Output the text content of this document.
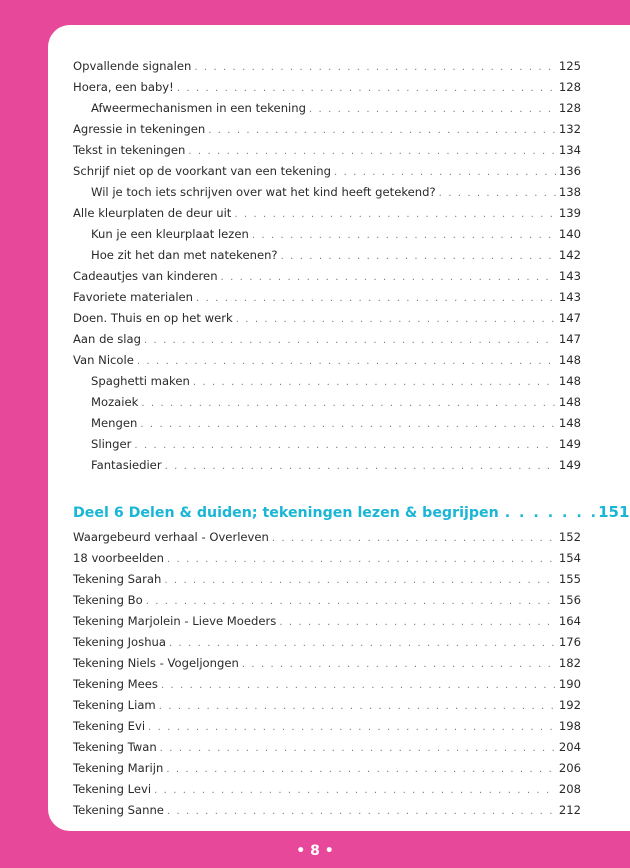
Opvallende signalen . . .	125
Hoera, een baby! . . .	128
Afweermechanismen in een tekening . . .	128
Agressie in tekeningen . . .	132
Tekst in tekeningen . . .	134
Schrijf niet op de voorkant van een tekening . . .	136
Wil je toch iets schrijven over wat het kind heeft getekend? . . .	138
Alle kleurplaten de deur uit . . .	139
Kun je een kleurplaat lezen . . .	140
Hoe zit het dan met natekenen? . . .	142
Cadeautjes van kinderen . . .	143
Favoriete materialen . . .	143
Doen. Thuis en op het werk . . .	147
Aan de slag . . .	147
Van Nicole . . .	148
Spaghetti maken . . .	148
Mozaiek . . .	148
Mengen . . .	148
Slinger . . .	149
Fantasiedier . . .	149
Deel 6 Delen & duiden; tekeningen lezen & begrijpen . . . . . . . 151
Waargebeurd verhaal - Overleven . . .	152
18 voorbeelden . . .	154
Tekening Sarah . . .	155
Tekening Bo . . .	156
Tekening Marjolein - Lieve Moeders . . .	164
Tekening Joshua . . .	176
Tekening Niels - Vogeljongen . . .	182
Tekening Mees . . .	190
Tekening Liam . . .	192
Tekening Evi . . .	198
Tekening Twan . . .	204
Tekening Marijn . . .	206
Tekening Levi . . .	208
Tekening Sanne . . .	212
• 8 •
